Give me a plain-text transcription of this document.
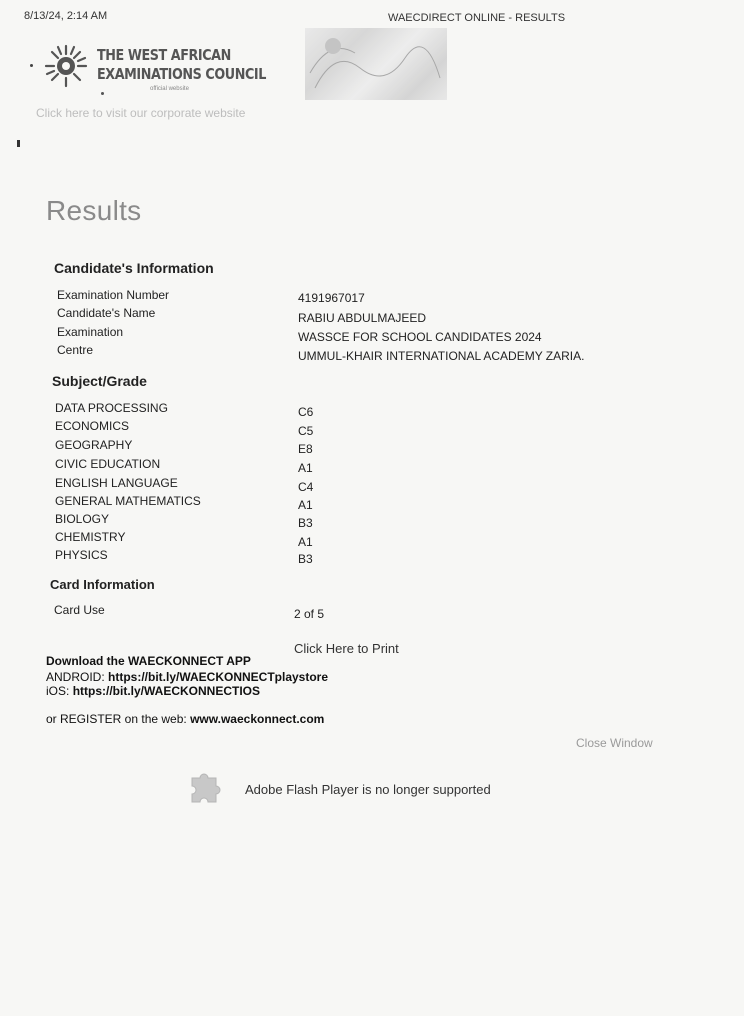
8/13/24, 2:14 AM	WAECDIRECT ONLINE - RESULTS
THE WEST AFRICAN
EXAMINATIONS COUNCIL
official website
Click here to visit our corporate website
Results
Candidate's Information
Examination Number	4191967017
Candidate's Name	RABIU ABDULMAJEED
Examination	WASSCE FOR SCHOOL CANDIDATES 2024
Centre	UMMUL-KHAIR INTERNATIONAL ACADEMY ZARIA.
Subject/Grade
DATA PROCESSING	C6
ECONOMICS	C5
GEOGRAPHY	E8
CIVIC EDUCATION	A1
ENGLISH LANGUAGE	C4
GENERAL MATHEMATICS	A1
BIOLOGY	B3
CHEMISTRY	A1
PHYSICS	B3
Card Information
Card Use	2 of 5
Click Here to Print
Download the WAECKONNECT APP
ANDROID: https://bit.ly/WAECKONNECTplaystore
iOS: https://bit.ly/WAECKONNECTIOS
or REGISTER on the web: www.waeckonnect.com
Close Window
Adobe Flash Player is no longer supported
